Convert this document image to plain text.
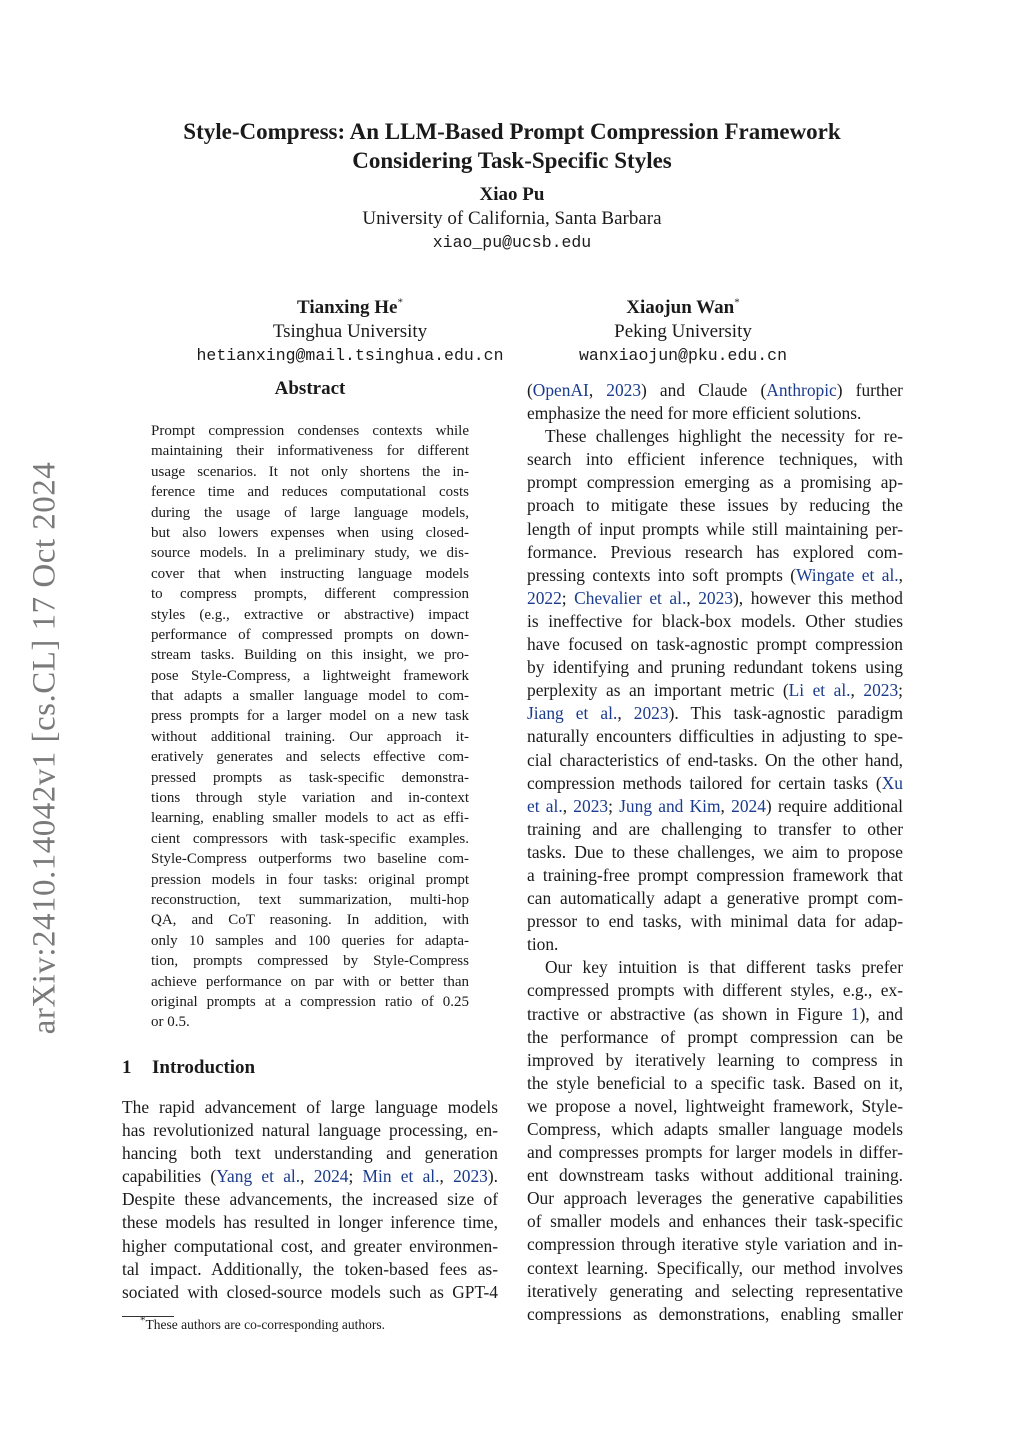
arXiv:2410.14042v1 [cs.CL] 17 Oct 2024
Style-Compress: An LLM-Based Prompt Compression Framework
Considering Task-Specific Styles
Xiao Pu
University of California, Santa Barbara
xiao_pu@ucsb.edu
Tianxing He*
Tsinghua University
hetianxing@mail.tsinghua.edu.cn
Xiaojun Wan*
Peking University
wanxiaojun@pku.edu.cn
Abstract
Prompt compression condenses contexts while
maintaining their informativeness for different
usage scenarios. It not only shortens the in-
ference time and reduces computational costs
during the usage of large language models,
but also lowers expenses when using closed-
source models. In a preliminary study, we dis-
cover that when instructing language models
to compress prompts, different compression
styles (e.g., extractive or abstractive) impact
performance of compressed prompts on down-
stream tasks. Building on this insight, we pro-
pose Style-Compress, a lightweight framework
that adapts a smaller language model to com-
press prompts for a larger model on a new task
without additional training. Our approach it-
eratively generates and selects effective com-
pressed prompts as task-specific demonstra-
tions through style variation and in-context
learning, enabling smaller models to act as effi-
cient compressors with task-specific examples.
Style-Compress outperforms two baseline com-
pression models in four tasks: original prompt
reconstruction, text summarization, multi-hop
QA, and CoT reasoning. In addition, with
only 10 samples and 100 queries for adapta-
tion, prompts compressed by Style-Compress
achieve performance on par with or better than
original prompts at a compression ratio of 0.25
or 0.5.
1 Introduction
The rapid advancement of large language models
has revolutionized natural language processing, en-
hancing both text understanding and generation
capabilities (Yang et al., 2024; Min et al., 2023).
Despite these advancements, the increased size of
these models has resulted in longer inference time,
higher computational cost, and greater environmen-
tal impact. Additionally, the token-based fees as-
sociated with closed-source models such as GPT-4
(OpenAI, 2023) and Claude (Anthropic) further
emphasize the need for more efficient solutions.
These challenges highlight the necessity for re-
search into efficient inference techniques, with
prompt compression emerging as a promising ap-
proach to mitigate these issues by reducing the
length of input prompts while still maintaining per-
formance. Previous research has explored com-
pressing contexts into soft prompts (Wingate et al.,
2022; Chevalier et al., 2023), however this method
is ineffective for black-box models. Other studies
have focused on task-agnostic prompt compression
by identifying and pruning redundant tokens using
perplexity as an important metric (Li et al., 2023;
Jiang et al., 2023). This task-agnostic paradigm
naturally encounters difficulties in adjusting to spe-
cial characteristics of end-tasks. On the other hand,
compression methods tailored for certain tasks (Xu
et al., 2023; Jung and Kim, 2024) require additional
training and are challenging to transfer to other
tasks. Due to these challenges, we aim to propose
a training-free prompt compression framework that
can automatically adapt a generative prompt com-
pressor to end tasks, with minimal data for adap-
tion.
Our key intuition is that different tasks prefer
compressed prompts with different styles, e.g., ex-
tractive or abstractive (as shown in Figure 1), and
the performance of prompt compression can be
improved by iteratively learning to compress in
the style beneficial to a specific task. Based on it,
we propose a novel, lightweight framework, Style-
Compress, which adapts smaller language models
and compresses prompts for larger models in differ-
ent downstream tasks without additional training.
Our approach leverages the generative capabilities
of smaller models and enhances their task-specific
compression through iterative style variation and in-
context learning. Specifically, our method involves
iteratively generating and selecting representative
compressions as demonstrations, enabling smaller
*These authors are co-corresponding authors.
